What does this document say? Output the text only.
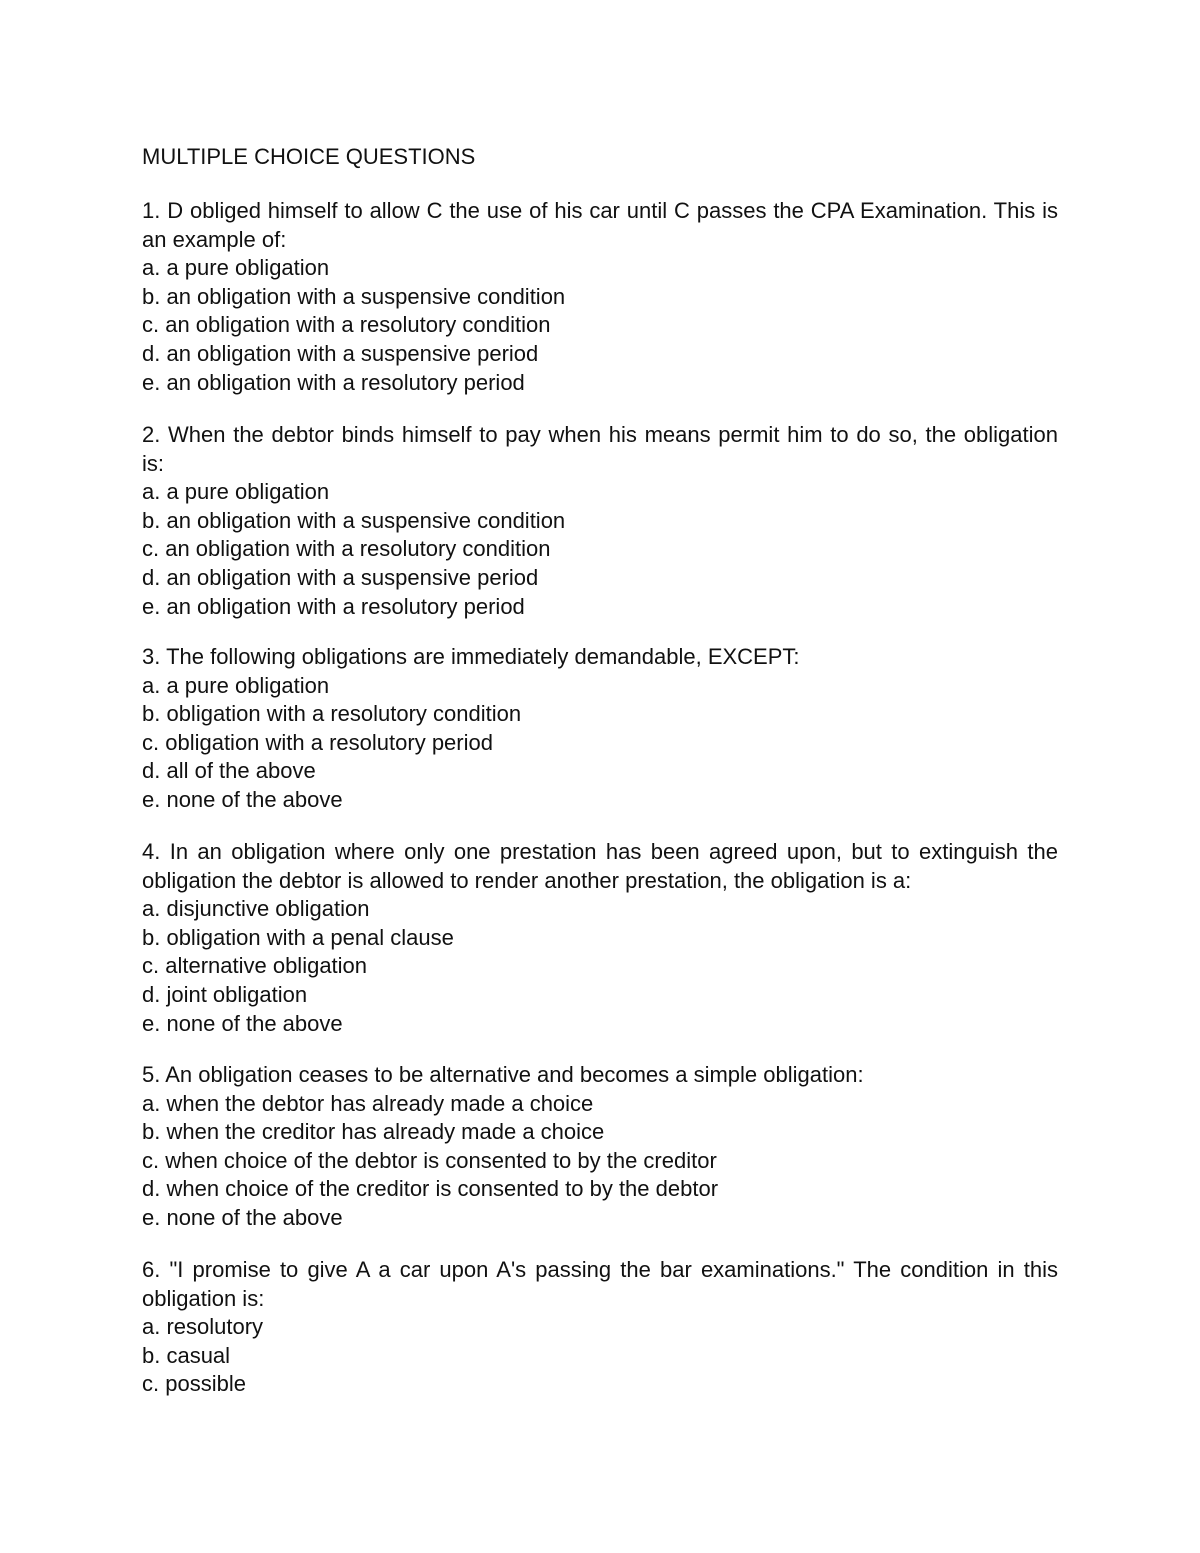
MULTIPLE CHOICE QUESTIONS

1. D obliged himself to allow C the use of his car until C passes the CPA Examination. This is an example of:

a. a pure obligation
b. an obligation with a suspensive condition
c. an obligation with a resolutory condition
d. an obligation with a suspensive period
e. an obligation with a resolutory period

2. When the debtor binds himself to pay when his means permit him to do so, the obligation is:

a. a pure obligation
b. an obligation with a suspensive condition
c. an obligation with a resolutory condition
d. an obligation with a suspensive period
e. an obligation with a resolutory period

3. The following obligations are immediately demandable, EXCEPT:

a. a pure obligation
b. obligation with a resolutory condition
c. obligation with a resolutory period
d. all of the above
e. none of the above

4. In an obligation where only one prestation has been agreed upon, but to extinguish the obligation the debtor is allowed to render another prestation, the obligation is a:

a. disjunctive obligation
b. obligation with a penal clause
c. alternative obligation
d. joint obligation
e. none of the above

5. An obligation ceases to be alternative and becomes a simple obligation:

a. when the debtor has already made a choice
b. when the creditor has already made a choice
c. when choice of the debtor is consented to by the creditor
d. when choice of the creditor is consented to by the debtor
e. none of the above

6. "I promise to give A a car upon A's passing the bar examinations." The condition in this obligation is:

a. resolutory
b. casual
c. possible
